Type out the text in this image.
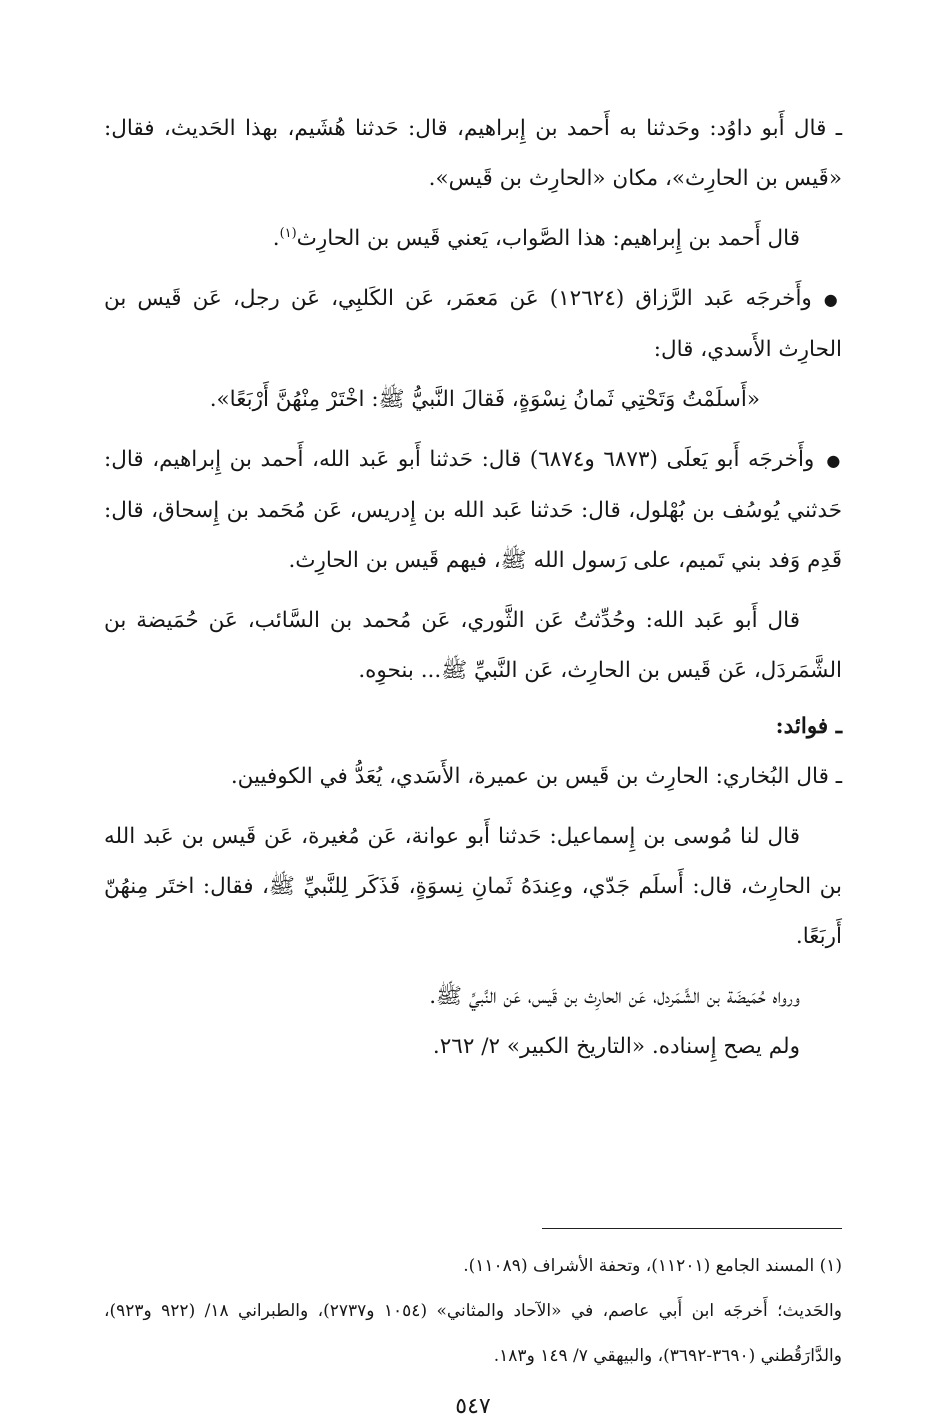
ـ قال أَبو داوُد: وحَدثنا به أَحمد بن إِبراهيم، قال: حَدثنا هُشَيم، بهذا الحَديث، فقال: «قَيس بن الحارِث»، مكان «الحارِث بن قَيس».

قال أَحمد بن إِبراهيم: هذا الصَّواب، يَعني قَيس بن الحارِث$^{(١)}$.

● وأَخرجَه عَبد الرَّزاق (١٢٦٢٤) عَن مَعمَر، عَن الكَلبِي، عَن رجل، عَن قَيس بن الحارِث الأَسدي، قال:

«أَسلَمْتُ وَتَحْتِي ثَمانُ نِسْوَةٍ، فَقالَ النَّبيُّ ﷺ: اخْتَرْ مِنْهُنَّ أَرْبَعًا».

● وأَخرجَه أَبو يَعلَى (٦٨٧٣ و٦٨٧٤) قال: حَدثنا أَبو عَبد الله، أَحمد بن إِبراهيم، قال: حَدثني يُوسُف بن بُهْلول، قال: حَدثنا عَبد الله بن إِدريس، عَن مُحَمد بن إِسحاق، قال: قَدِم وَفد بني تَميم، على رَسول الله ﷺ، فيهم قَيس بن الحارِث.

قال أَبو عَبد الله: وحُدِّثتُ عَن الثَّوري، عَن مُحمد بن السَّائب، عَن حُمَيضة بن الشَّمَردَل، عَن قَيس بن الحارِث، عَن النَّبيِّ ﷺ... بنحوِه.

ـ فوائد:

ـ قال البُخاري: الحارِث بن قَيس بن عميرة، الأَسَدي، يُعَدُّ في الكوفيين.

قال لنا مُوسى بن إِسماعيل: حَدثنا أَبو عوانة، عَن مُغيرة، عَن قَيس بن عَبد الله بن الحارِث، قال: أَسلَم جَدّي، وعِندَهُ ثَمانِ نِسوَةٍ، فَذَكَر لِلنَّبيِّ ﷺ، فقال: اختَر مِنهُنّ أَربَعًا.

ورواه حُمَيضَة بن الشَّمَردل، عَن الحارِث بن قَيس، عَن النَّبيِّ ﷺ.

ولم يصح إِسناده. «التاريخ الكبير» ٢/ ٢٦٢.

(١) المسند الجامع (١١٢٠١)، وتحفة الأشراف (١١٠٨٩).

والحَديث؛ أَخرجَه ابن أَبي عاصم، في «الآحاد والمثاني» (١٠٥٤ و٢٧٣٧)، والطبراني ١٨/ (٩٢٢ و٩٢٣)، والدَّارَقُطني (٣٦٩٠-٣٦٩٢)، والبيهقي ٧/ ١٤٩ و١٨٣.

٥٤٧
